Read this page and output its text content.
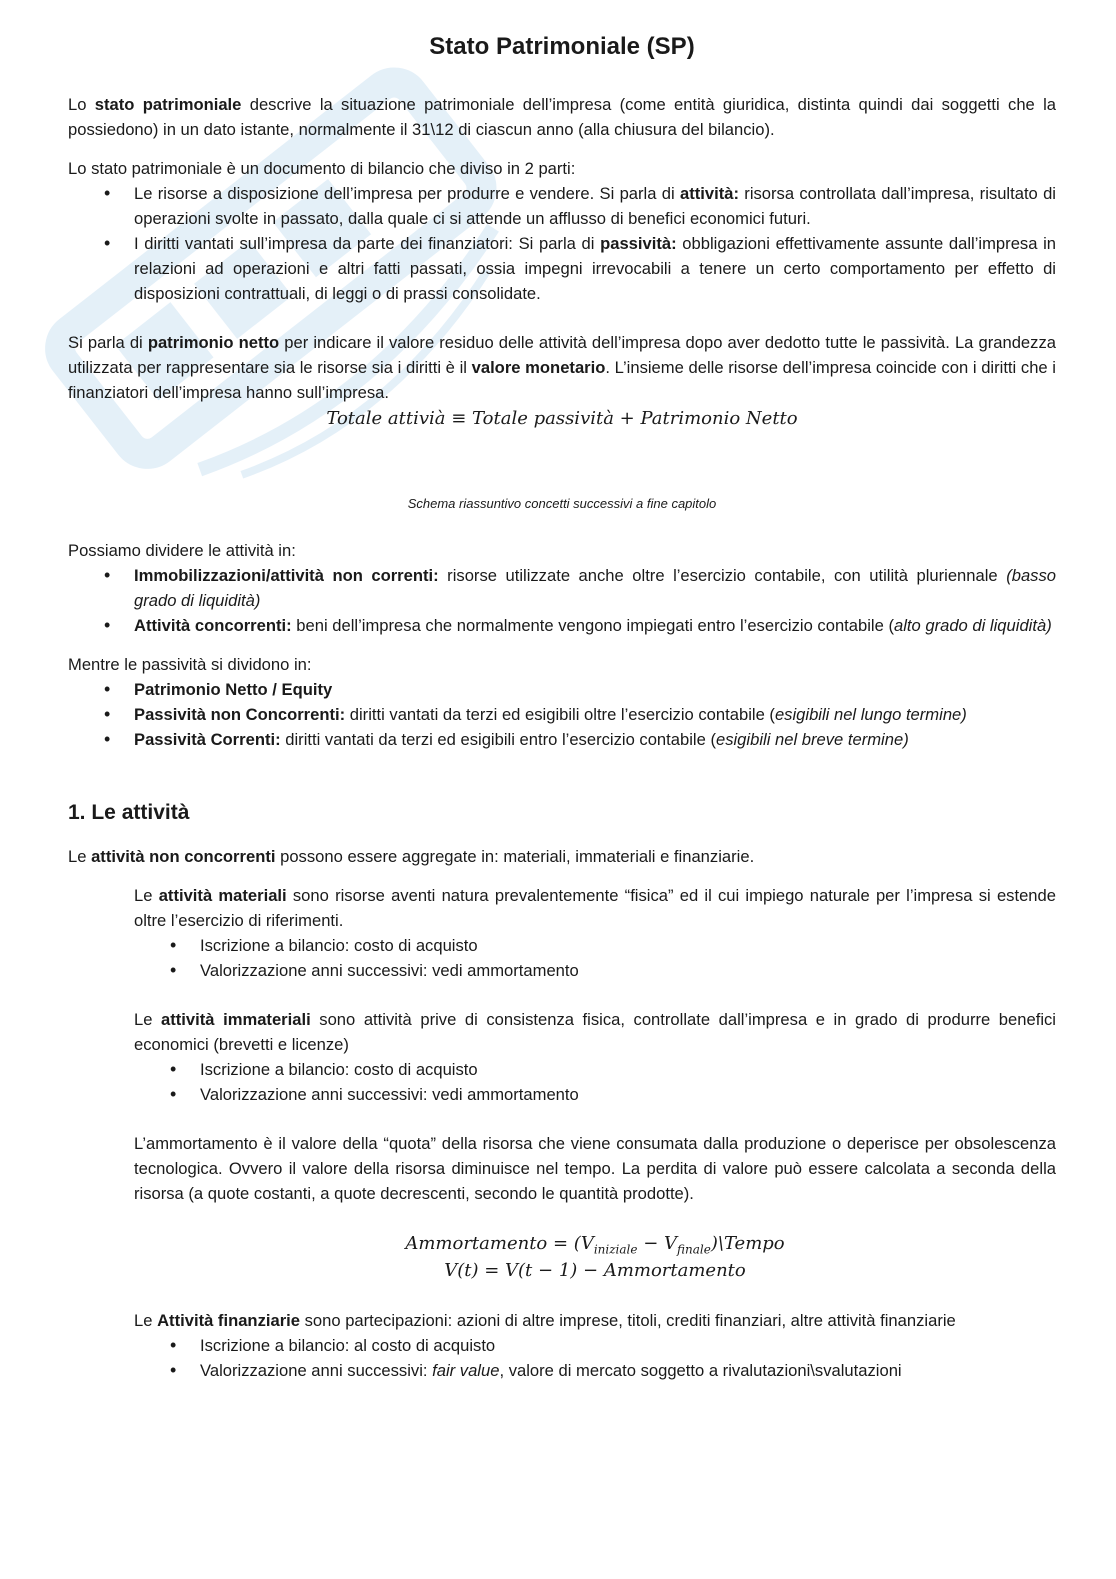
Stato Patrimoniale (SP)

Lo stato patrimoniale descrive la situazione patrimoniale dell’impresa (come entità giuridica, distinta quindi dai soggetti che la possiedono) in un dato istante, normalmente il 31\12 di ciascun anno (alla chiusura del bilancio).

Lo stato patrimoniale è un documento di bilancio che diviso in 2 parti:

• Le risorse a disposizione dell’impresa per produrre e vendere. Si parla di attività: risorsa controllata dall’impresa, risultato di operazioni svolte in passato, dalla quale ci si attende un afflusso di benefici economici futuri.
• I diritti vantati sull’impresa da parte dei finanziatori: Si parla di passività: obbligazioni effettivamente assunte dall’impresa in relazioni ad operazioni e altri fatti passati, ossia impegni irrevocabili a tenere un certo comportamento per effetto di disposizioni contrattuali, di leggi o di prassi consolidate.

Si parla di patrimonio netto per indicare il valore residuo delle attività dell’impresa dopo aver dedotto tutte le passività. La grandezza utilizzata per rappresentare sia le risorse sia i diritti è il valore monetario. L’insieme delle risorse dell’impresa coincide con i diritti che i finanziatori dell’impresa hanno sull’impresa.

Totale attivià ≡ Totale passività + Patrimonio Netto
Schema riassuntivo concetti successivi a fine capitolo

Possiamo dividere le attività in:

• Immobilizzazioni/attività non correnti: risorse utilizzate anche oltre l’esercizio contabile, con utilità pluriennale (basso grado di liquidità)
• Attività concorrenti: beni dell’impresa che normalmente vengono impiegati entro l’esercizio contabile (alto grado di liquidità)

Mentre le passività si dividono in:

• Patrimonio Netto / Equity
• Passività non Concorrenti: diritti vantati da terzi ed esigibili oltre l’esercizio contabile (esigibili nel lungo termine)
• Passività Correnti: diritti vantati da terzi ed esigibili entro l’esercizio contabile (esigibili nel breve termine)
1. Le attività

Le attività non concorrenti possono essere aggregate in: materiali, immateriali e finanziarie.

Le attività materiali sono risorse aventi natura prevalentemente “fisica” ed il cui impiego naturale per l’impresa si estende oltre l’esercizio di riferimenti.

• Iscrizione a bilancio: costo di acquisto
• Valorizzazione anni successivi: vedi ammortamento

Le attività immateriali sono attività prive di consistenza fisica, controllate dall’impresa e in grado di produrre benefici economici (brevetti e licenze)

• Iscrizione a bilancio: costo di acquisto
• Valorizzazione anni successivi: vedi ammortamento

L’ammortamento è il valore della “quota” della risorsa che viene consumata dalla produzione o deperisce per obsolescenza tecnologica. Ovvero il valore della risorsa diminuisce nel tempo. La perdita di valore può essere calcolata a seconda della risorsa (a quote costanti, a quote decrescenti, secondo le quantità prodotte).

Ammortamento = ($V_{iniziale}$ − $V_{finale})\backslash Tempo$
V(t) = V(t − 1) − Ammortamento

Le Attività finanziarie sono partecipazioni: azioni di altre imprese, titoli, crediti finanziari, altre attività finanziarie

• Iscrizione a bilancio: al costo di acquisto
• Valorizzazione anni successivi: fair value, valore di mercato soggetto a rivalutazioni\svalutazioni
